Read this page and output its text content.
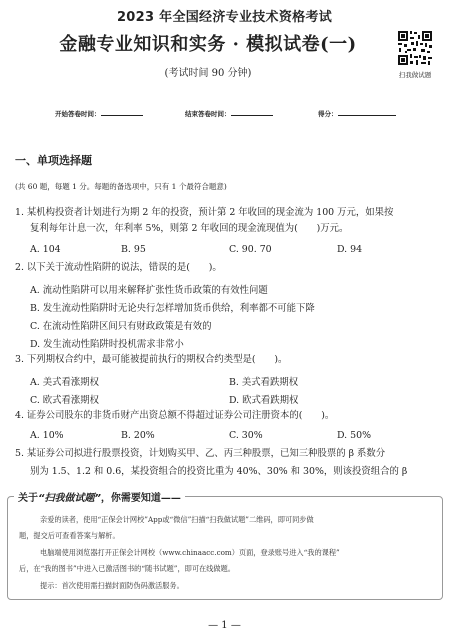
2023 年全国经济专业技术资格考试
金融专业知识和实务 · 模拟试卷(一)
(考试时间 90 分钟)	扫我做试题
开始答卷时间：	结束答卷时间：	得分：
一、单项选择题
(共 60 题，每题 1 分。每题的备选项中，只有 1 个最符合题意)
1. 某机构投资者计划进行为期 2 年的投资，预计第 2 年收回的现金流为 100 万元，如果按
复利每年计息一次，年利率 5%，则第 2 年收回的现金流现值为(　　)万元。
A. 104	B. 95	C. 90. 70	D. 94
2. 以下关于流动性陷阱的说法，错误的是(　　)。
A. 流动性陷阱可以用来解释扩张性货币政策的有效性问题
B. 发生流动性陷阱时无论央行怎样增加货币供给，利率都不可能下降
C. 在流动性陷阱区间只有财政政策是有效的
D. 发生流动性陷阱时投机需求非常小
3. 下列期权合约中，最可能被提前执行的期权合约类型是(　　)。
A. 美式看涨期权	B. 美式看跌期权
C. 欧式看涨期权	D. 欧式看跌期权
4. 证券公司股东的非货币财产出资总额不得超过证券公司注册资本的(　　)。
A. 10%	B. 20%	C. 30%	D. 50%
5. 某证券公司拟进行股票投资，计划购买甲、乙、丙三种股票，已知三种股票的 β 系数分
别为 1.5、1.2 和 0.6，某投资组合的投资比重为 40%、30% 和 30%，则该投资组合的 β
关于“扫我做试题”，你需要知道——
亲爱的读者，使用“正保会计网校”App或“微信”扫描“扫我做试题”二维码，即可同步做
题，提交后可查看答案与解析。
电脑端使用浏览器打开正保会计网校（www.chinaacc.com）页面，登录账号进入“我的课程”
后，在“我的图书”中进入已激活图书的“随书试题”，即可在线做题。
提示：首次使用需扫描封面防伪码激活服务。
— 1 —
